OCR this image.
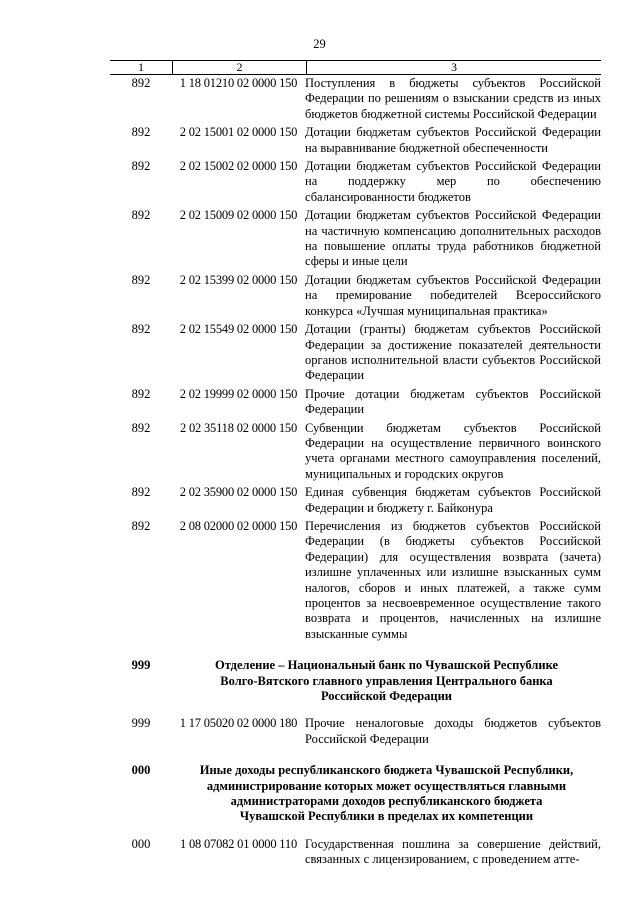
29
1	2	3
892	1 18 01210 02 0000 150 Поступления в бюджеты субъектов Российской Федерации по решениям о взыскании средств из иных бюджетов бюджетной системы Российской Федерации
892	2 02 15001 02 0000 150 Дотации бюджетам субъектов Российской Федерации на выравнивание бюджетной обеспеченности
892	2 02 15002 02 0000 150 Дотации бюджетам субъектов Российской Федерации на поддержку мер по обеспечению сбалансированности бюджетов
892	2 02 15009 02 0000 150 Дотации бюджетам субъектов Российской Федерации на частичную компенсацию дополнительных расходов на повышение оплаты труда работников бюджетной сферы и иные цели
892	2 02 15399 02 0000 150 Дотации бюджетам субъектов Российской Федерации на премирование победителей Всероссийского конкурса «Лучшая муниципальная практика»
892	2 02 15549 02 0000 150 Дотации (гранты) бюджетам субъектов Российской Федерации за достижение показателей деятельности органов исполнительной власти субъектов Российской Федерации
892	2 02 19999 02 0000 150 Прочие дотации бюджетам субъектов Российской Федерации
892	2 02 35118 02 0000 150 Субвенции бюджетам субъектов Российской Федерации на осуществление первичного воинского учета органами местного самоуправления поселений, муниципальных и городских округов
892	2 02 35900 02 0000 150 Единая субвенция бюджетам субъектов Российской Федерации и бюджету г. Байконура
892	2 08 02000 02 0000 150 Перечисления из бюджетов субъектов Российской Федерации (в бюджеты субъектов Российской Федерации) для осуществления возврата (зачета) излишне уплаченных или излишне взысканных сумм налогов, сборов и иных платежей, а также сумм процентов за несвоевременное осуществление такого возврата и процентов, начисленных на излишне взысканные суммы
999	Отделение – Национальный банк по Чувашской Республике
Волго-Вятского главного управления Центрального банка
Российской Федерации
999	1 17 05020 02 0000 180 Прочие неналоговые доходы бюджетов субъектов Российской Федерации
000	Иные доходы республиканского бюджета Чувашской Республики,
администрирование которых может осуществляться главными
администраторами доходов республиканского бюджета
Чувашской Республики в пределах их компетенции
000	1 08 07082 01 0000 110 Государственная пошлина за совершение действий, связанных с лицензированием, с проведением атте-
